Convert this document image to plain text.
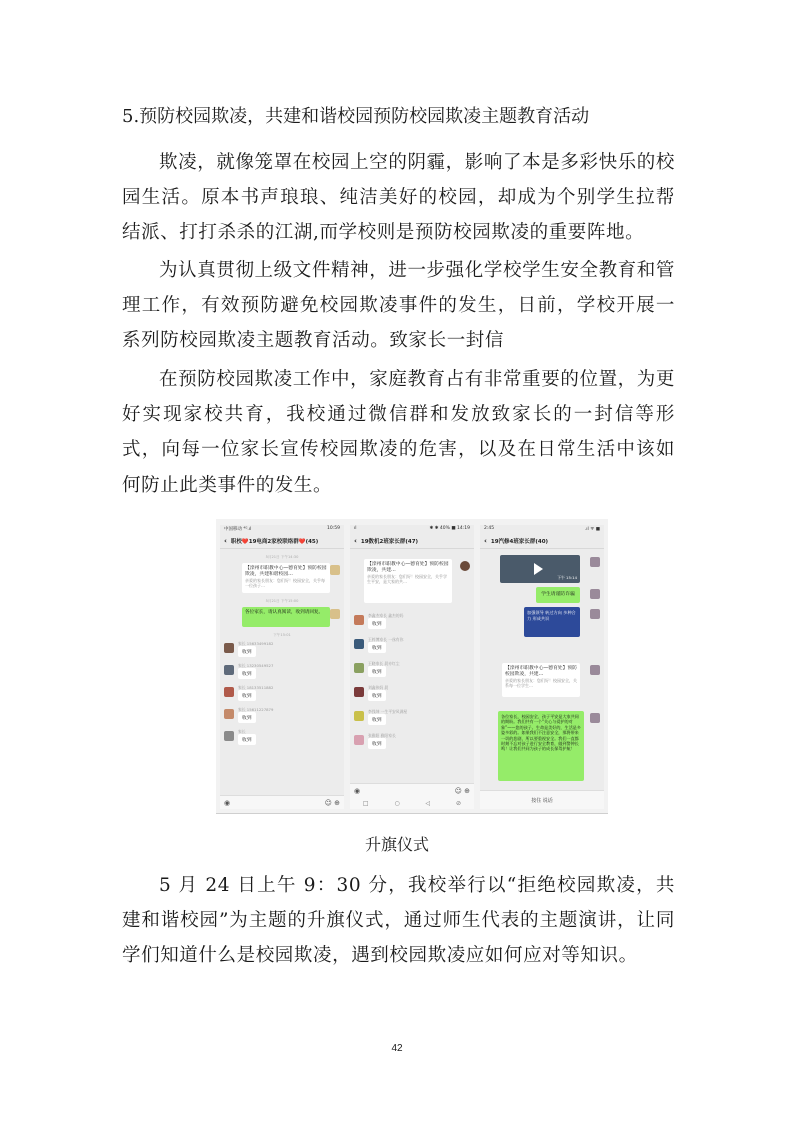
5.预防校园欺凌，共建和谐校园预防校园欺凌主题教育活动
欺凌，就像笼罩在校园上空的阴霾，影响了本是多彩快乐的校园生活。原本书声琅琅、纯洁美好的校园，却成为个别学生拉帮结派、打打杀杀的江湖,而学校则是预防校园欺凌的重要阵地。
为认真贯彻上级文件精神，进一步强化学校学生安全教育和管理工作，有效预防避免校园欺凌事件的发生，日前，学校开展一系列防校园欺凌主题教育活动。致家长一封信
在预防校园欺凌工作中，家庭教育占有非常重要的位置，为更好实现家校共育，我校通过微信群和发放致家长的一封信等形式，向每一位家长宣传校园欺凌的危害，以及在日常生活中该如何防止此类事件的发生。
中国移动 ⁴ᴳ.ıl	10:59
‹ 职校❤️19电商2家校联络群❤️(45)
5月21日 下午14:30
【滦州市职教中心—德育处】预防校园欺凌，共建和谐校园…
亲爱的家长朋友：您们好！校园安全，关乎每一位孩子…
5月21日 下午15:00
各位家长，请认真阅读，收到请回复。
下午15:01
家长 15633499182
收到
家长 13230549527
收到
家长 18133511882
收到
家长 15611227879
收到
家长
收到
◉	☺ ⊕
ıl	✱ ✱ 40% ■ 14:19
‹ 19数机2班家长群(47)
【滦州市职教中心—德育处】预防校园欺凌，共建…
亲爱的家长朋友：您们好！校园安全，关乎学生平安，是大家的共…
李鑫杰家长 鑫杰的妈
收到
王梓博家长 一丝有你
收到
王晓家长 晨亦红尘
收到
刘鑫伟妈 晨
收到
李钱坤 一生平安风满屋
收到
张雅阳 雅阳家长
收到
◉	☺ ⊕
□	○	◁	⊘
2:45	.ıl ᯤ ■
‹ 19汽修4班家长群(40)
下午 15:14
学生请谨防诈骗
加强领导 转过方向 多种合力 形成共识
【滦州市职教中心—德育处】预防校园欺凌，共建…
亲爱的家长朋友：您们好！校园安全，关系每一位学生…
各位家长，校园安全、孩子平安是大家共同的期盼。我们共有一个“关心与爱护的对象”——您的孩子。生命是美好的，生活是多姿多彩的。如果我们不注意安全，那将带来一切的悲剧，所以要重视安全。我们一直都时刻不忘对孩子进行安全教育，做到警钟长鸣！让我们共同为孩子的成长保驾护航！
按住 说话
升旗仪式
5 月 24 日上午 9：30 分，我校举行以“拒绝校园欺凌，共建和谐校园”为主题的升旗仪式，通过师生代表的主题演讲，让同学们知道什么是校园欺凌，遇到校园欺凌应如何应对等知识。
42
